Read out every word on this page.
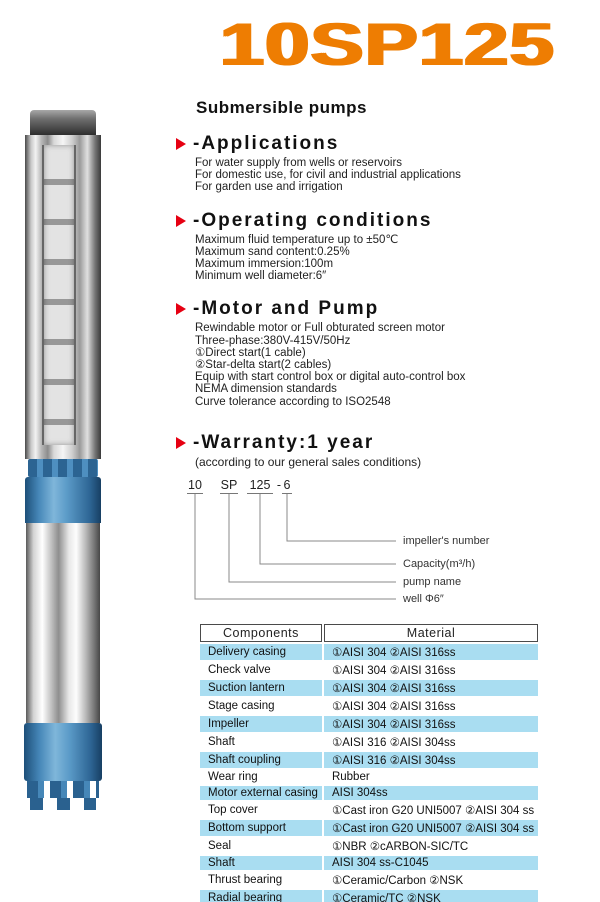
10SP125
Submersible pumps
-Applications
For water supply from wells or reservoirs
For domestic use, for civil and industrial applications
For garden use and irrigation
-Operating conditions
Maximum fluid temperature up to ±50℃
Maximum sand content:0.25%
Maximum immersion:100m
Minimum well diameter:6″
-Motor and Pump
Rewindable motor or Full obturated screen motor
Three-phase:380V-415V/50Hz
①Direct start(1 cable)
②Star-delta start(2 cables)
Equip with start control box or digital auto-control box
NEMA dimension standards
Curve tolerance according to ISO2548
-Warranty:1 year
(according to our general sales conditions)
10 SP 125 - 6
impeller's number
Capacity(m³/h)
pump name
well Φ6″
Components	Material
Delivery casing	①AISI 304 ②AISI 316ss
Check valve	①AISI 304 ②AISI 316ss
Suction lantern	①AISI 304 ②AISI 316ss
Stage casing	①AISI 304 ②AISI 316ss
Impeller	①AISI 304 ②AISI 316ss
Shaft	①AISI 316 ②AISI 304ss
Shaft coupling	①AISI 316 ②AISI 304ss
Wear ring	Rubber
Motor external casing	AISI 304ss
Top cover	①Cast iron G20 UNI5007 ②AISI 304 ss
Bottom support	①Cast iron G20 UNI5007 ②AISI 304 ss
Seal	①NBR ②cARBON-SIC/TC
Shaft	AISI 304 ss-C1045
Thrust bearing	①Ceramic/Carbon ②NSK
Radial bearing	①Ceramic/TC ②NSK
